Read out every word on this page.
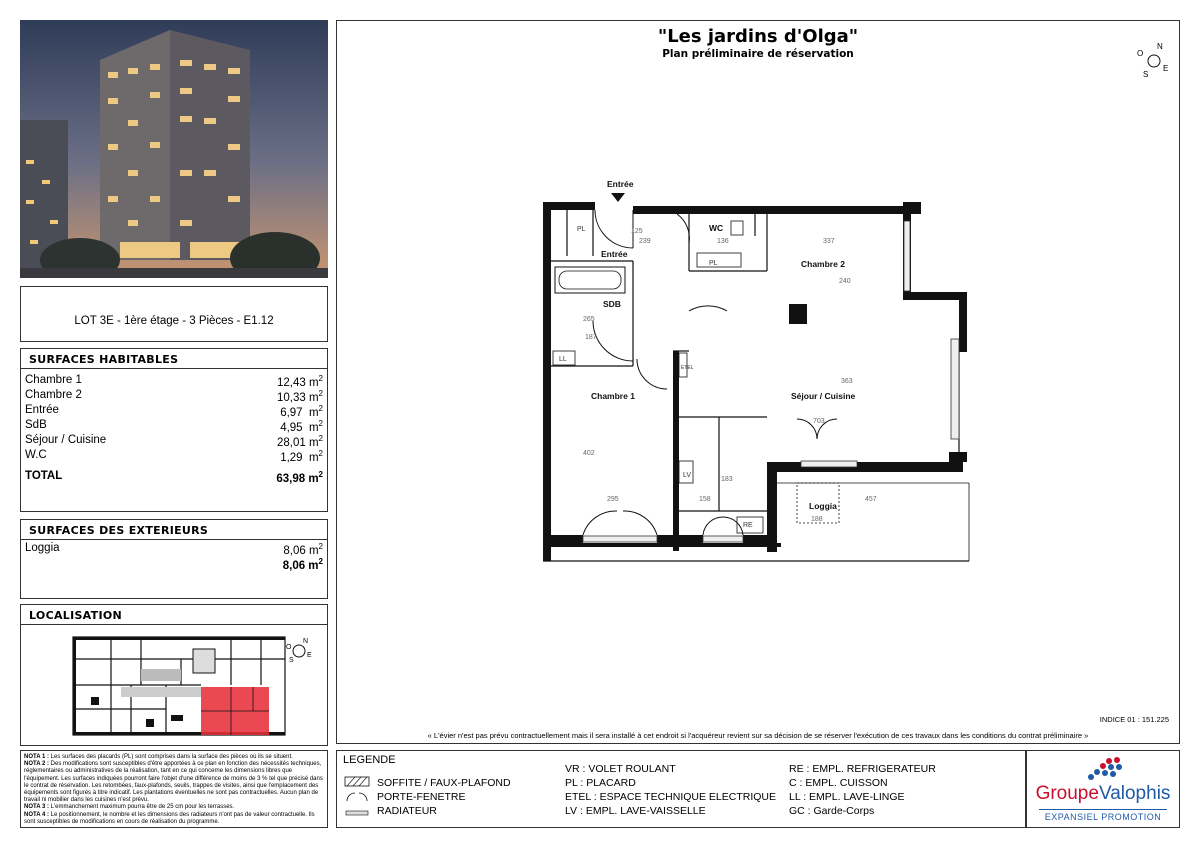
LOT 3E - 1ère étage - 3 Pièces - E1.12
SURFACES HABITABLES
Chambre 1	12,43 $m^2$
Chambre 2	10,33 $m^2$
Entrée	6,97  $m^2$
SdB	4,95  $m^2$
Séjour / Cuisine	28,01 $m^2$
W.C	1,29  $m^2$
TOTAL	63,98 $m^2$
SURFACES DES EXTERIEURS
Loggia	8,06 $m^2$
8,06 $m^2$
LOCALISATION
O
N
S
E
NOTA 1 : Les surfaces des placards (PL) sont comprises dans la surface des pièces où ils se situent.
NOTA 2 : Des modifications sont susceptibles d'être apportées à ce plan en fonction des nécessités techniques, réglementaires ou administratives de la réalisation, tant en ce qui concerne les dimensions libres que l'équipement. Les surfaces indiquées pourront faire l'objet d'une différence de moins de 3 % tel que précisé dans le contrat de réservation. Les retombées, faux-plafonds, seuils, trappes de visites, ainsi que l'emplacement des équipements sont figurés à titre indicatif. Les plantations éventuelles ne sont pas contractuelles. Aucun plan de travail ni mobilier dans les cuisines n'est prévu.
NOTA 3 : L'emmanchement maximum pourra être de 25 cm pour les terrasses.
NOTA 4 : Le positionnement, le nombre et les dimensions des radiateurs n'ont pas de valeur contractuelle. Ils sont susceptibles de modifications en cours de réalisation du programme.
"Les jardins d'Olga"
Plan préliminaire de réservation	O
N
S
E
Entrée
Entrée
WC
Chambre 2
SDB
Chambre 1	Séjour / Cuisine
Loggia
PL
PL
LL
LV
RE
ETEL
125
239	136	337
240
265
187
363
703
402
183
295	158	457
188
INDICE 01 : 151.225
« L'évier n'est pas prévu contractuellement mais il sera installé à cet endroit si l'acquéreur revient sur sa décision de se réserver l'exécution de ces travaux dans les conditions du contrat préliminaire »
LEGENDE
SOFFITE / FAUX-PLAFOND
PORTE-FENETRE
RADIATEUR
VR : VOLET ROULANT
PL : PLACARD
ETEL : ESPACE TECHNIQUE ELECTRIQUE
LV : EMPL. LAVE-VAISSELLE
RE : EMPL. REFRIGERATEUR
C : EMPL. CUISSON
LL : EMPL. LAVE-LINGE
GC : Garde-Corps
GroupeValophis
EXPANSIEL PROMOTION
